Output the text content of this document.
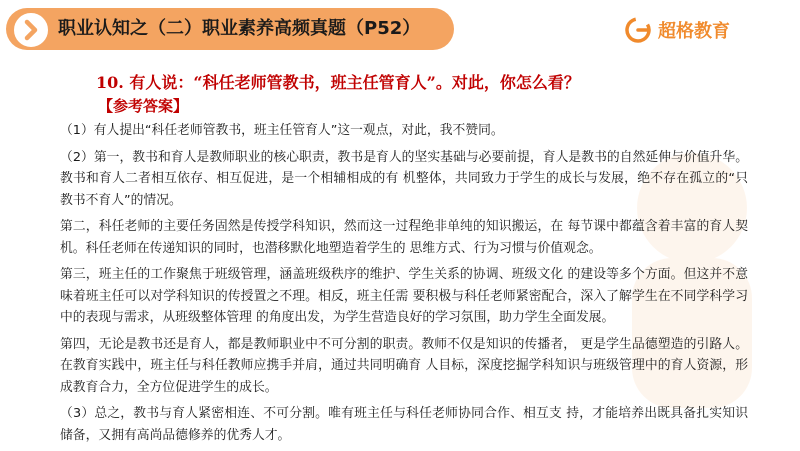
职业认知之（二）职业素养高频真题（P52）	超格教育
10. 有人说：“科任老师管教书，班主任管育人”。对此，你怎么看？
【参考答案】

（1）有人提出“科任老师管教书，班主任管育人”这一观点，对此，我不赞同。

（2）第一，教书和育人是教师职业的核心职责，教书是育人的坚实基础与必要前提，育人是教书的自然延伸与价值升华。教书和育人二者相互依存、相互促进，是一个相辅相成的有 机整体，共同致力于学生的成长与发展，绝不存在孤立的“只教书不育人”的情况。

第二，科任老师的主要任务固然是传授学科知识，然而这一过程绝非单纯的知识搬运，在 每节课中都蕴含着丰富的育人契机。科任老师在传递知识的同时，也潜移默化地塑造着学生的 思维方式、行为习惯与价值观念。

第三，班主任的工作聚焦于班级管理，涵盖班级秩序的维护、学生关系的协调、班级文化 的建设等多个方面。但这并不意味着班主任可以对学科知识的传授置之不理。相反，班主任需 要积极与科任老师紧密配合，深入了解学生在不同学科学习中的表现与需求，从班级整体管理 的角度出发，为学生营造良好的学习氛围，助力学生全面发展。

第四，无论是教书还是育人，都是教师职业中不可分割的职责。教师不仅是知识的传播者， 更是学生品德塑造的引路人。在教育实践中，班主任与科任教师应携手并肩，通过共同明确育 人目标，深度挖掘学科知识与班级管理中的育人资源，形成教育合力，全方位促进学生的成长。

（3）总之，教书与育人紧密相连、不可分割。唯有班主任与科任老师协同合作、相互支 持，才能培养出既具备扎实知识储备，又拥有高尚品德修养的优秀人才。
